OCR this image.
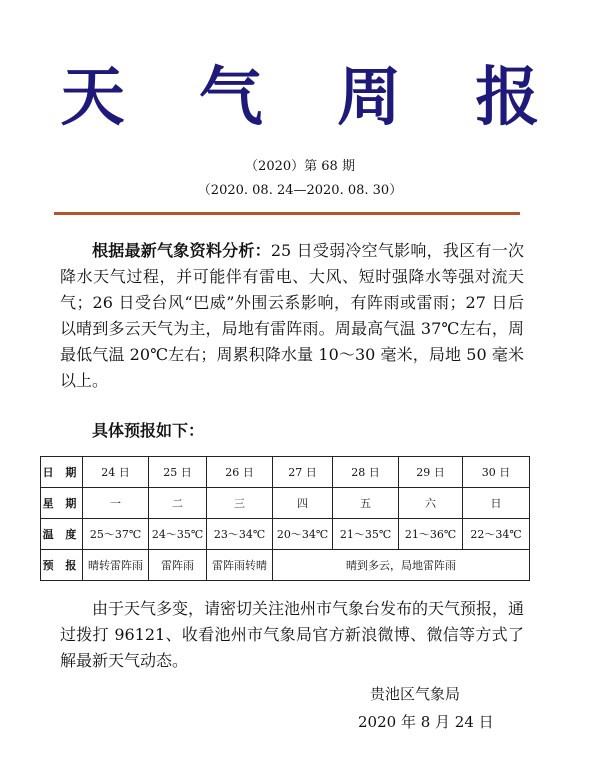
天 气 周 报
（2020）第 68 期
（2020. 08. 24—2020. 08. 30）
根据最新气象资料分析：25 日受弱冷空气影响，我区有一次降水天气过程，并可能伴有雷电、大风、短时强降水等强对流天气；26 日受台风“巴威”外围云系影响，有阵雨或雷雨；27 日后以晴到多云天气为主，局地有雷阵雨。周最高气温 37℃左右，周最低气温 20℃左右；周累积降水量 10～30 毫米，局地 50 毫米以上。
具体预报如下：
日 期	24 日	25 日	26 日	27 日	28 日	29 日	30 日
星 期	一	二	三	四	五	六	日
温 度	25～37℃	24～35℃	23～34℃	20～34℃	21～35℃	21～36℃	22～34℃
预 报	晴转雷阵雨	雷阵雨	雷阵雨转晴	晴到多云，局地雷阵雨			
由于天气多变，请密切关注池州市气象台发布的天气预报，通过拨打 96121、收看池州市气象局官方新浪微博、微信等方式了解最新天气动态。
贵池区气象局
2020 年 8 月 24 日
